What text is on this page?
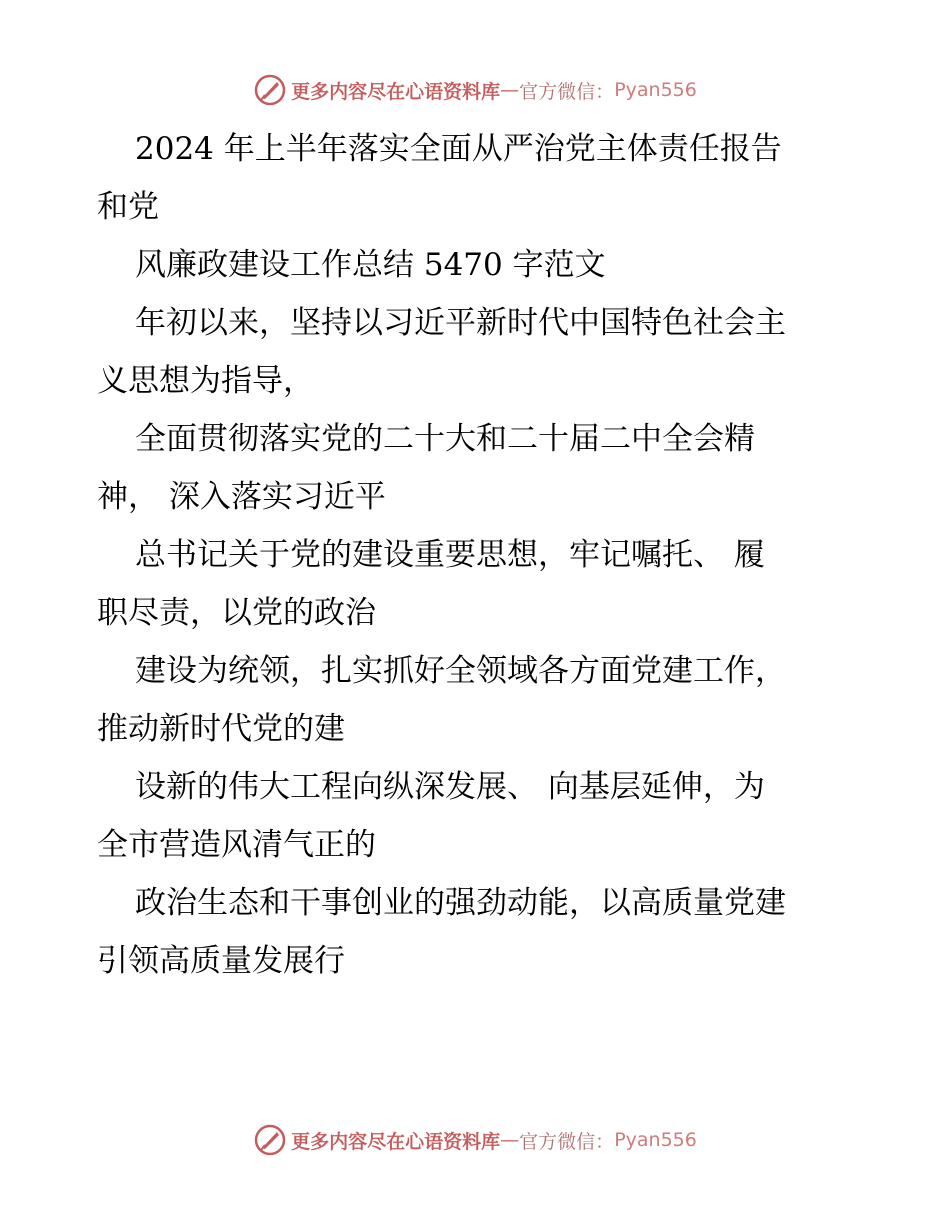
更多内容尽在心语资料库 — 官方微信： Pyan556
2024 年上半年落实全面从严治党主体责任报告
和党
风廉政建设工作总结 5470 字范文
年初以来，坚持以习近平新时代中国特色社会主
义思想为指导，
全面贯彻落实党的二十大和二十届二中全会精
神， 深入落实习近平
总书记关于党的建设重要思想，牢记嘱托、 履
职尽责，以党的政治
建设为统领，扎实抓好全领域各方面党建工作，
推动新时代党的建
设新的伟大工程向纵深发展、 向基层延伸，为
全市营造风清气正的
政治生态和干事创业的强劲动能，以高质量党建
引领高质量发展行
更多内容尽在心语资料库 — 官方微信： Pyan556
